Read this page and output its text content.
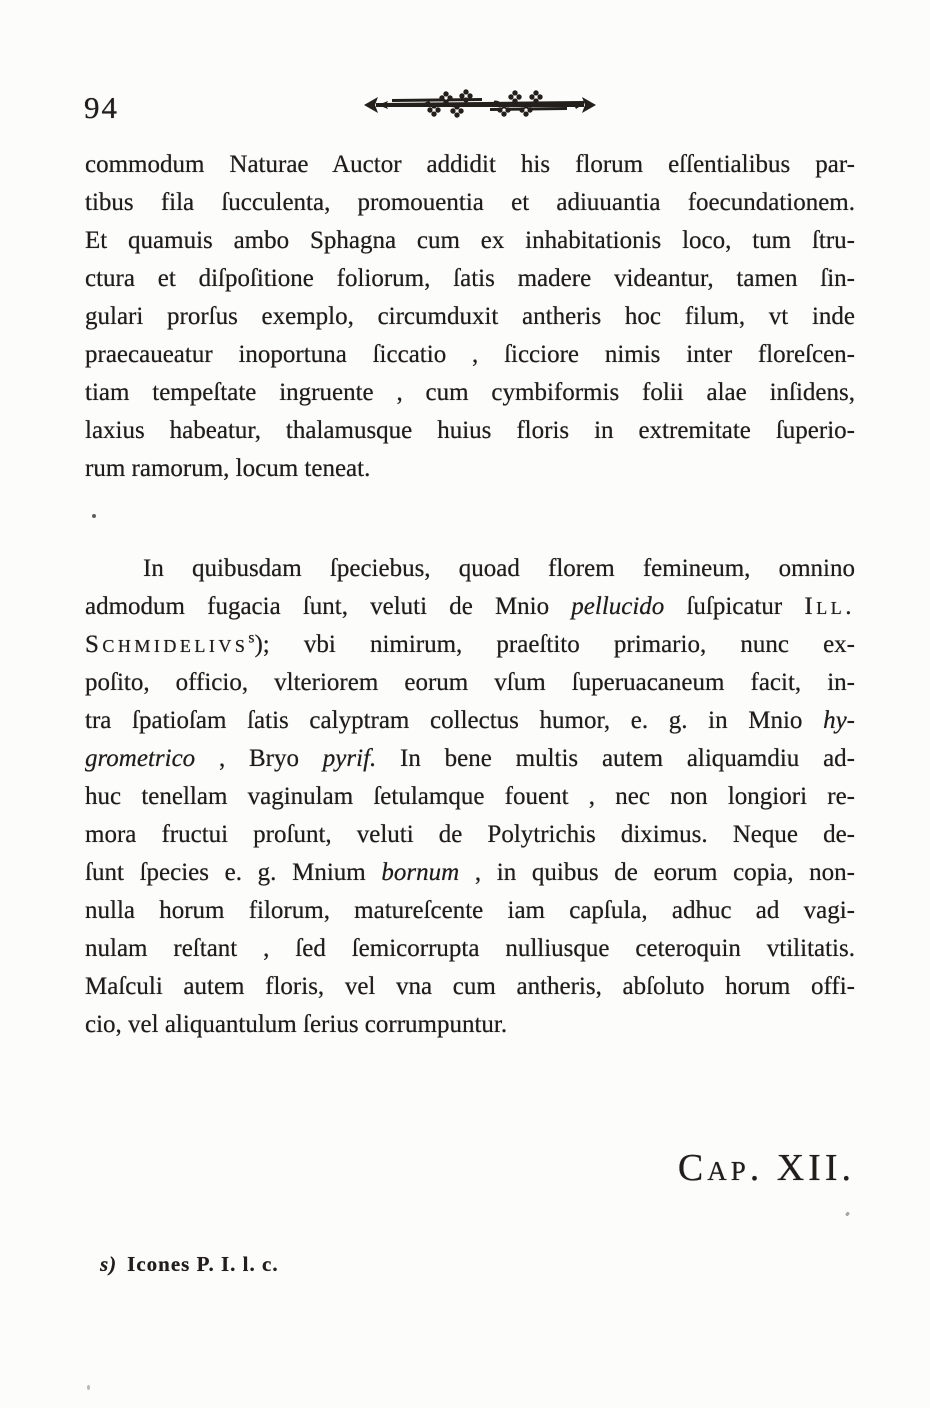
94
commodum Naturae Auctor addidit his florum eſſentialibus par-
tibus fila ſucculenta, promouentia et adiuuantia foecundationem.
Et quamuis ambo Sphagna cum ex inhabitationis loco, tum ſtru-
ctura et diſpoſitione foliorum, ſatis madere videantur, tamen ſin-
gulari prorſus exemplo, circumduxit antheris hoc filum, vt inde
praecaueatur inoportuna ſiccatio , ſicciore nimis inter floreſcen-
tiam tempeſtate ingruente , cum cymbiformis folii alae inſidens,
laxius habeatur, thalamusque huius floris in extremitate ſuperio-
rum ramorum, locum teneat.
In quibusdam ſpeciebus, quoad florem femineum, omnino
admodum fugacia ſunt, veluti de Mnio pellucido ſuſpicatur Ill.
Schmidelivs$^s$); vbi nimirum, praeſtito primario, nunc ex-
poſito, officio, vlteriorem eorum vſum ſuperuacaneum facit, in-
tra ſpatioſam ſatis calyptram collectus humor, e. g. in Mnio hy-
grometrico , Bryo pyrif. In bene multis autem aliquamdiu ad-
huc tenellam vaginulam ſetulamque fouent , nec non longiori re-
mora fructui proſunt, veluti de Polytrichis diximus. Neque de-
ſunt ſpecies e. g. Mnium bornum , in quibus de eorum copia, non-
nulla horum filorum, matureſcente iam capſula, adhuc ad vagi-
nulam reſtant , ſed ſemicorrupta nulliusque ceteroquin vtilitatis.
Maſculi autem floris, vel vna cum antheris, abſoluto horum offi-
cio, vel aliquantulum ſerius corrumpuntur.
Cap. XII.
s) Icones P. I. l. c.
